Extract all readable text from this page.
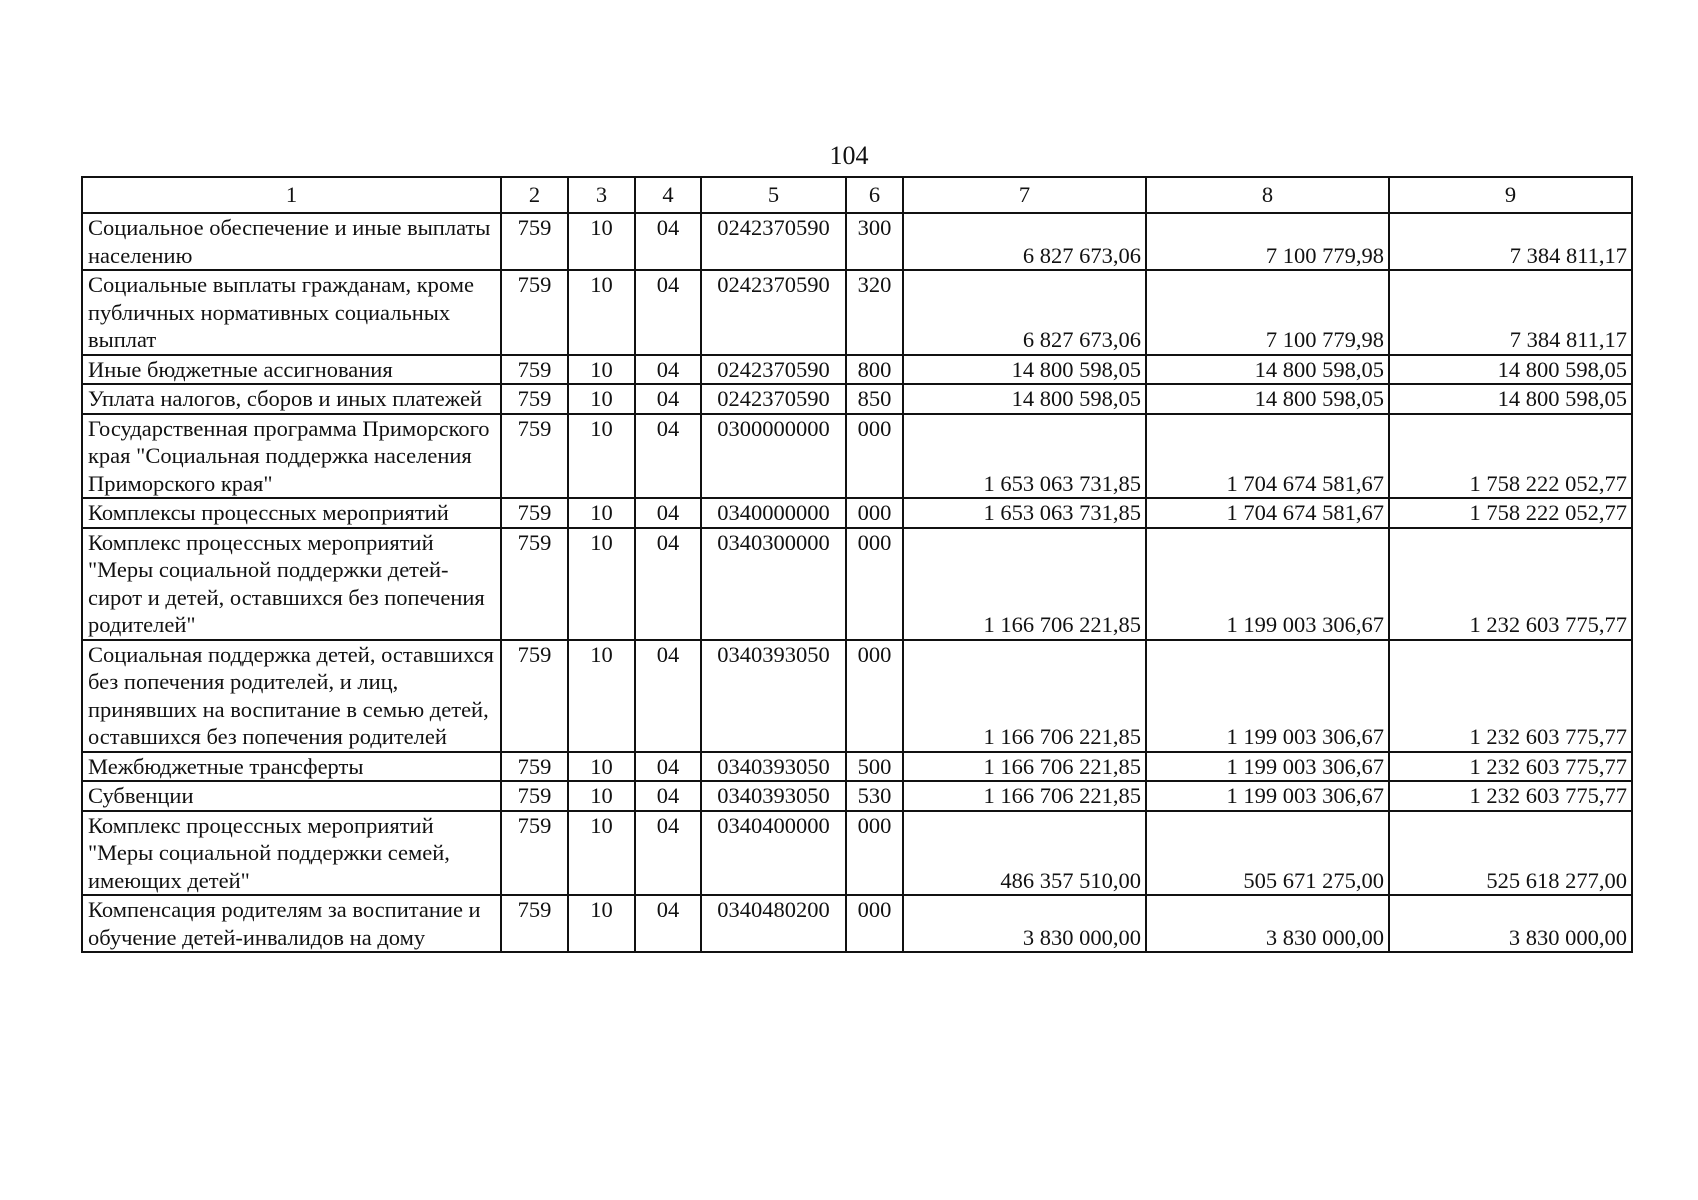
104
1	2	3	4	5	6	7	8	9
Социальное обеспечение и иные выплаты населению	759	10	04	0242370590	300	6 827 673,06	7 100 779,98	7 384 811,17
Социальные выплаты гражданам, кроме публичных нормативных социальных выплат	759	10	04	0242370590	320	6 827 673,06	7 100 779,98	7 384 811,17
Иные бюджетные ассигнования	759	10	04	0242370590	800	14 800 598,05	14 800 598,05	14 800 598,05
Уплата налогов, сборов и иных платежей	759	10	04	0242370590	850	14 800 598,05	14 800 598,05	14 800 598,05
Государственная программа Приморского края "Социальная поддержка населения Приморского края"	759	10	04	0300000000	000	1 653 063 731,85	1 704 674 581,67	1 758 222 052,77
Комплексы процессных мероприятий	759	10	04	0340000000	000	1 653 063 731,85	1 704 674 581,67	1 758 222 052,77
Комплекс процессных мероприятий "Меры социальной поддержки детей-сирот и детей, оставшихся без попечения родителей"	759	10	04	0340300000	000	1 166 706 221,85	1 199 003 306,67	1 232 603 775,77
Социальная поддержка детей, оставшихся без попечения родителей, и лиц, принявших на воспитание в семью детей, оставшихся без попечения родителей	759	10	04	0340393050	000	1 166 706 221,85	1 199 003 306,67	1 232 603 775,77
Межбюджетные трансферты	759	10	04	0340393050	500	1 166 706 221,85	1 199 003 306,67	1 232 603 775,77
Субвенции	759	10	04	0340393050	530	1 166 706 221,85	1 199 003 306,67	1 232 603 775,77
Комплекс процессных мероприятий "Меры социальной поддержки семей, имеющих детей"	759	10	04	0340400000	000	486 357 510,00	505 671 275,00	525 618 277,00
Компенсация родителям за воспитание и обучение детей-инвалидов на дому	759	10	04	0340480200	000	3 830 000,00	3 830 000,00	3 830 000,00
